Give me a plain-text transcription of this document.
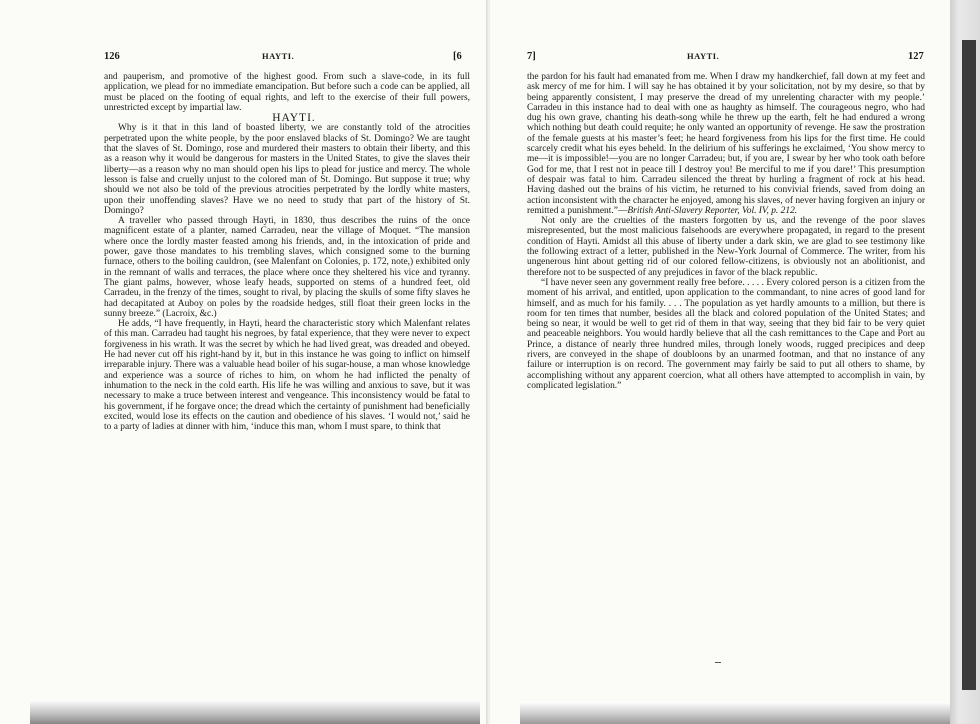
126	HAYTI.	[6

and pauperism, and promotive of the highest good. From such a slave-code, in its full application, we plead for no immediate emancipation. But before such a code can be applied, all must be placed on the footing of equal rights, and left to the exercise of their full powers, unrestricted except by impartial law.

HAYTI.

Why is it that in this land of boasted liberty, we are constantly told of the atrocities perpetrated upon the white people, by the poor enslaved blacks of St. Domingo? We are taught that the slaves of St. Domingo, rose and murdered their masters to obtain their liberty, and this as a reason why it would be dangerous for masters in the United States, to give the slaves their liberty—as a reason why no man should open his lips to plead for justice and mercy. The whole lesson is false and cruelly unjust to the colored man of St. Domingo. But suppose it true; why should we not also be told of the previous atrocities perpetrated by the lordly white masters, upon their unoffending slaves? Have we no need to study that part of the history of St. Domingo?

A traveller who passed through Hayti, in 1830, thus describes the ruins of the once magnificent estate of a planter, named Carradeu, near the village of Moquet. “The mansion where once the lordly master feasted among his friends, and, in the intoxication of pride and power, gave those mandates to his trembling slaves, which consigned some to the burning furnace, others to the boiling cauldron, (see Malenfant on Colonies, p. 172, note,) exhibited only in the remnant of walls and terraces, the place where once they sheltered his vice and tyranny. The giant palms, however, whose leafy heads, supported on stems of a hundred feet, old Carradeu, in the frenzy of the times, sought to rival, by placing the skulls of some fifty slaves he had decapitated at Auboy on poles by the roadside hedges, still float their green locks in the sunny breeze.” (Lacroix, &c.)

He adds, “I have frequently, in Hayti, heard the characteristic story which Malenfant relates of this man. Carradeu had taught his negroes, by fatal experience, that they were never to expect forgiveness in his wrath. It was the secret by which he had lived great, was dreaded and obeyed. He had never cut off his right-hand by it, but in this instance he was going to inflict on himself irreparable injury. There was a valuable head boiler of his sugar-house, a man whose knowledge and experience was a source of riches to him, on whom he had inflicted the penalty of inhumation to the neck in the cold earth. His life he was willing and anxious to save, but it was necessary to make a truce between interest and vengeance. This inconsistency would be fatal to his government, if he forgave once; the dread which the certainty of punishment had beneficially excited, would lose its effects on the caution and obedience of his slaves. ‘I would not,’ said he to a party of ladies at dinner with him, ‘induce this man, whom I must spare, to think that

7]	HAYTI.	127

the pardon for his fault had emanated from me. When I draw my handkerchief, fall down at my feet and ask mercy of me for him. I will say he has obtained it by your solicitation, not by my desire, so that by being apparently consistent, I may preserve the dread of my unrelenting character with my people.’ Carradeu in this instance had to deal with one as haughty as himself. The courageous negro, who had dug his own grave, chanting his death-song while he threw up the earth, felt he had endured a wrong which nothing but death could requite; he only wanted an opportunity of revenge. He saw the prostration of the female guests at his master’s feet; he heard forgiveness from his lips for the first time. He could scarcely credit what his eyes beheld. In the delirium of his sufferings he exclaimed, ‘You show mercy to me—it is impossible!—you are no longer Carradeu; but, if you are, I swear by her who took oath before God for me, that I rest not in peace till I destroy you! Be merciful to me if you dare!’ This presumption of despair was fatal to him. Carradeu silenced the threat by hurling a fragment of rock at his head. Having dashed out the brains of his victim, he returned to his convivial friends, saved from doing an action inconsistent with the character he enjoyed, among his slaves, of never having forgiven an injury or remitted a punishment.”—British Anti-Slavery Reporter, Vol. IV, p. 212.

Not only are the cruelties of the masters forgotten by us, and the revenge of the poor slaves misrepresented, but the most malicious falsehoods are everywhere propagated, in regard to the present condition of Hayti. Amidst all this abuse of liberty under a dark skin, we are glad to see testimony like the following extract of a letter, published in the New-York Journal of Commerce. The writer, from his ungenerous hint about getting rid of our colored fellow-citizens, is obviously not an abolitionist, and therefore not to be suspected of any prejudices in favor of the black republic.

“I have never seen any government really free before. . . . . Every colored person is a citizen from the moment of his arrival, and entitled, upon application to the commandant, to nine acres of good land for himself, and as much for his family. . . . The population as yet hardly amounts to a million, but there is room for ten times that number, besides all the black and colored population of the United States; and being so near, it would be well to get rid of them in that way, seeing that they bid fair to be very quiet and peaceable neighbors. You would hardly believe that all the cash remittances to the Cape and Port au Prince, a distance of nearly three hundred miles, through lonely woods, rugged precipices and deep rivers, are conveyed in the shape of doubloons by an unarmed footman, and that no instance of any failure or interruption is on record. The government may fairly be said to put all others to shame, by accomplishing without any apparent coercion, what all others have attempted to accomplish in vain, by complicated legislation.”
